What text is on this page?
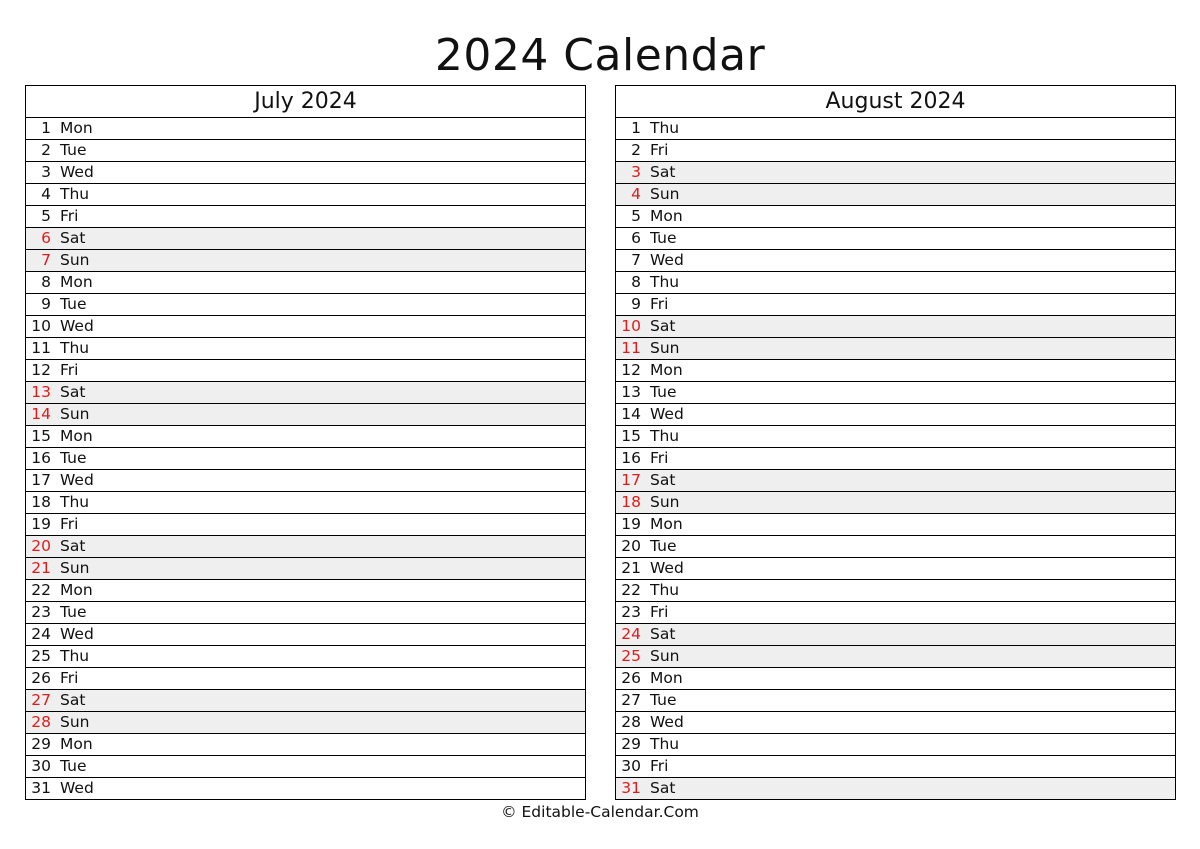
2024 Calendar
July 2024
1 Mon
2 Tue
3 Wed
4 Thu
5 Fri
6 Sat
7 Sun
8 Mon
9 Tue
10 Wed
11 Thu
12 Fri
13 Sat
14 Sun
15 Mon
16 Tue
17 Wed
18 Thu
19 Fri
20 Sat
21 Sun
22 Mon
23 Tue
24 Wed
25 Thu
26 Fri
27 Sat
28 Sun
29 Mon
30 Tue
31 Wed
August 2024
1 Thu
2 Fri
3 Sat
4 Sun
5 Mon
6 Tue
7 Wed
8 Thu
9 Fri
10 Sat
11 Sun
12 Mon
13 Tue
14 Wed
15 Thu
16 Fri
17 Sat
18 Sun
19 Mon
20 Tue
21 Wed
22 Thu
23 Fri
24 Sat
25 Sun
26 Mon
27 Tue
28 Wed
29 Thu
30 Fri
31 Sat
© Editable-Calendar.Com
